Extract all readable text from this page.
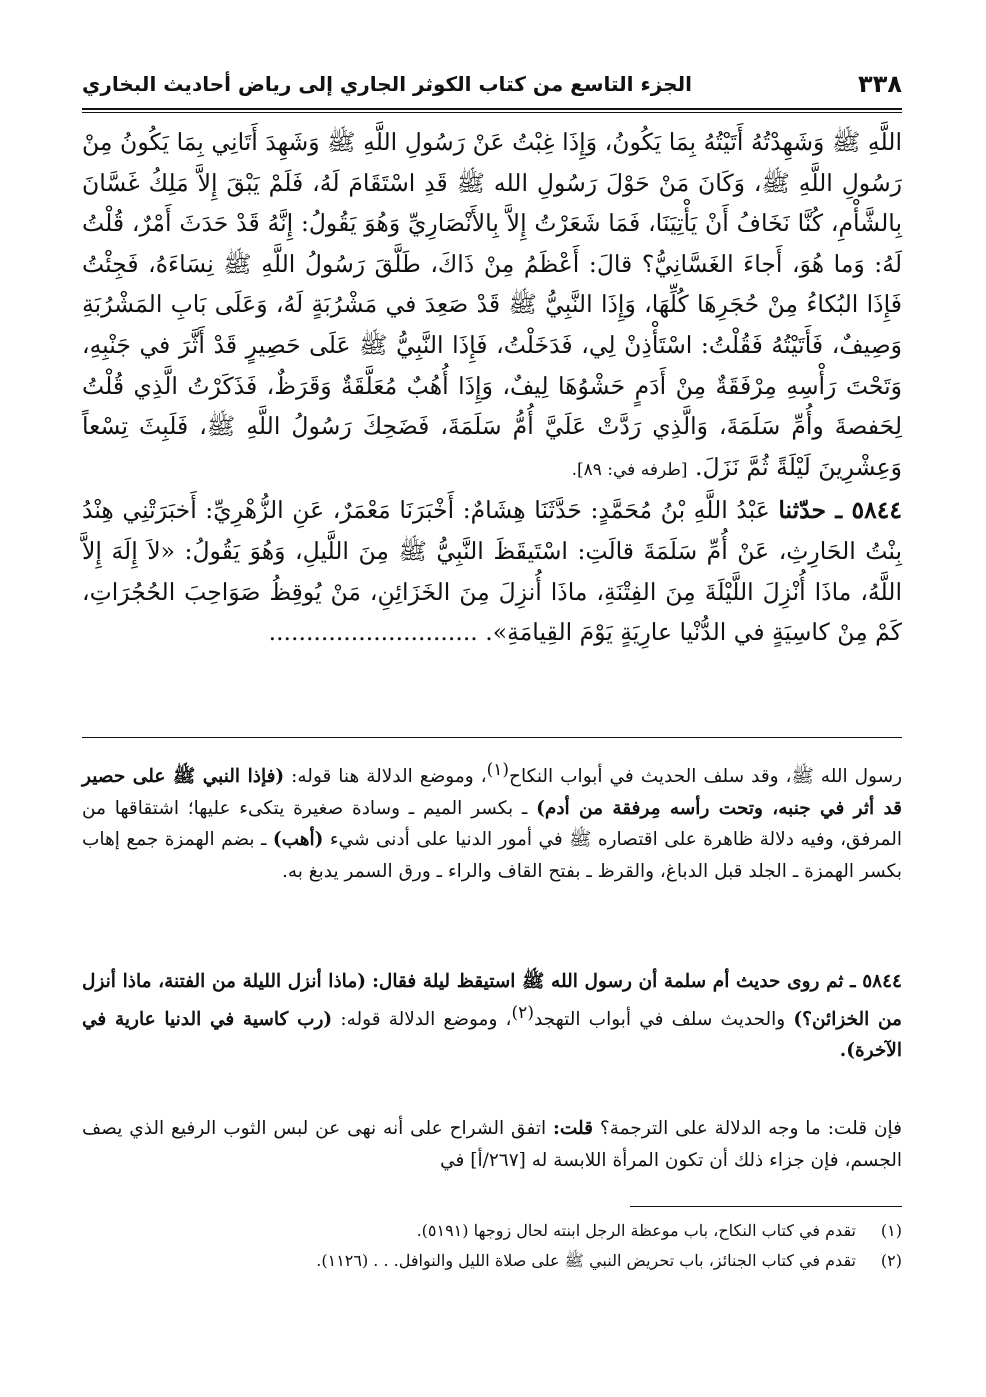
٣٣٨
الجزء التاسع من كتاب الكوثر الجاري إلى رياض أحاديث البخاري
اللَّهِ ﷺ وَشَهِدْتُهُ أَتَيْتُهُ بِمَا يَكُونُ، وَإِذَا غِبْتُ عَنْ رَسُولِ اللَّهِ ﷺ وَشَهِدَ أَتَانِي بِمَا يَكُونُ مِنْ رَسُولِ اللَّهِ ﷺ، وَكَانَ مَنْ حَوْلَ رَسُولِ الله ﷺ قَدِ اسْتَقَامَ لَهُ، فَلَمْ يَبْقَ إِلاَّ مَلِكُ غَسَّانَ بِالشَّأْمِ، كُنَّا نَخَافُ أَنْ يَأْتِيَنَا، فَمَا شَعَرْتُ إِلاَّ بِالأَنْصَارِيِّ وَهُوَ يَقُولُ: إِنَّهُ قَدْ حَدَثَ أَمْرٌ، قُلْتُ لَهُ: وَما هُوَ، أَجاءَ الغَسَّانِيُّ؟ قالَ: أَعْظَمُ مِنْ ذَاكَ، طَلَّقَ رَسُولُ اللَّهِ ﷺ نِسَاءَهُ، فَجِئْتُ فَإِذَا البُكاءُ مِنْ حُجَرِهَا كُلِّهَا، وَإِذَا النَّبِيُّ ﷺ قَدْ صَعِدَ في مَشْرُبَةٍ لَهُ، وَعَلَى بَابِ المَشْرُبَةِ وَصِيفٌ، فَأَتَيْتُهُ فَقُلْتُ: اسْتَأْذِنْ لِي، فَدَخَلْتُ، فَإِذَا النَّبِيُّ ﷺ عَلَى حَصِيرٍ قَدْ أَثَّرَ في جَنْبِهِ، وَتَحْتَ رَأْسِهِ مِرْفَقَةٌ مِنْ أَدَمٍ حَشْوُهَا لِيفٌ، وَإِذَا أُهُبٌ مُعَلَّقَةٌ وَقَرَظٌ، فَذَكَرْتُ الَّذِي قُلْتُ لِحَفصةَ وأُمِّ سَلَمَةَ، وَالَّذِي رَدَّتْ عَلَيَّ أُمُّ سَلَمَةَ، فَضَحِكَ رَسُولُ اللَّهِ ﷺ، فَلَبِثَ تِسْعاً وَعِشْرِينَ لَيْلَةً ثُمَّ نَزَلَ. [طرفه في: ٨٩].
٥٨٤٤ ـ حدّثنا عَبْدُ اللَّهِ بْنُ مُحَمَّدٍ: حَدَّثَنَا هِشَامٌ: أَخْبَرَنَا مَعْمَرٌ، عَنِ الزُّهْرِيِّ: أَخبَرَتْنِي هِنْدُ بِنْتُ الحَارِثِ، عَنْ أُمِّ سَلَمَةَ قالَتِ: اسْتَيقَظَ النَّبِيُّ ﷺ مِنَ اللَّيلِ، وَهُوَ يَقُولُ: «لاَ إِلَهَ إِلاَّ اللَّهُ، ماذَا أُنْزِلَ اللَّيْلَةَ مِنَ الفِتْنَةِ، ماذَا أُنزِلَ مِنَ الخَزَائِنِ، مَنْ يُوقِظُ صَوَاحِبَ الحُجُرَاتِ، كَمْ مِنْ كاسِيَةٍ في الدُّنْيا عارِيَةٍ يَوْمَ القِيامَةِ». ............................

رسول الله ﷺ، وقد سلف الحديث في أبواب النكاح$^{(١)}$، وموضع الدلالة هنا قوله: (فإذا النبي ﷺ على حصير قد أثر في جنبه، وتحت رأسه مِرفقة من أدم) ـ بكسر الميم ـ وسادة صغيرة يتكىء عليها؛ اشتقاقها من المرفق، وفيه دلالة ظاهرة على اقتصاره ﷺ في أمور الدنيا على أدنى شيء (أهب) ـ بضم الهمزة جمع إهاب بكسر الهمزة ـ الجلد قبل الدباغ، والقرظ ـ بفتح القاف والراء ـ ورق السمر يدبغ به.

٥٨٤٤ ـ ثم روى حديث أم سلمة أن رسول الله ﷺ استيقظ ليلة فقال: (ماذا أنزل الليلة من الفتنة، ماذا أنزل من الخزائن؟) والحديث سلف في أبواب التهجد$^{(٢)}$، وموضع الدلالة قوله: (رب كاسية في الدنيا عارية في الآخرة).

فإن قلت: ما وجه الدلالة على الترجمة؟ قلت: اتفق الشراح على أنه نهى عن لبس الثوب الرفيع الذي يصف الجسم، فإن جزاء ذلك أن تكون المرأة اللابسة له [٢٦٧/أ] في

(١)
تقدم في كتاب النكاح، باب موعظة الرجل ابنته لحال زوجها (٥١٩١).
(٢)
تقدم في كتاب الجنائز، باب تحريض النبي ﷺ على صلاة الليل والنوافل. . . (١١٢٦).
